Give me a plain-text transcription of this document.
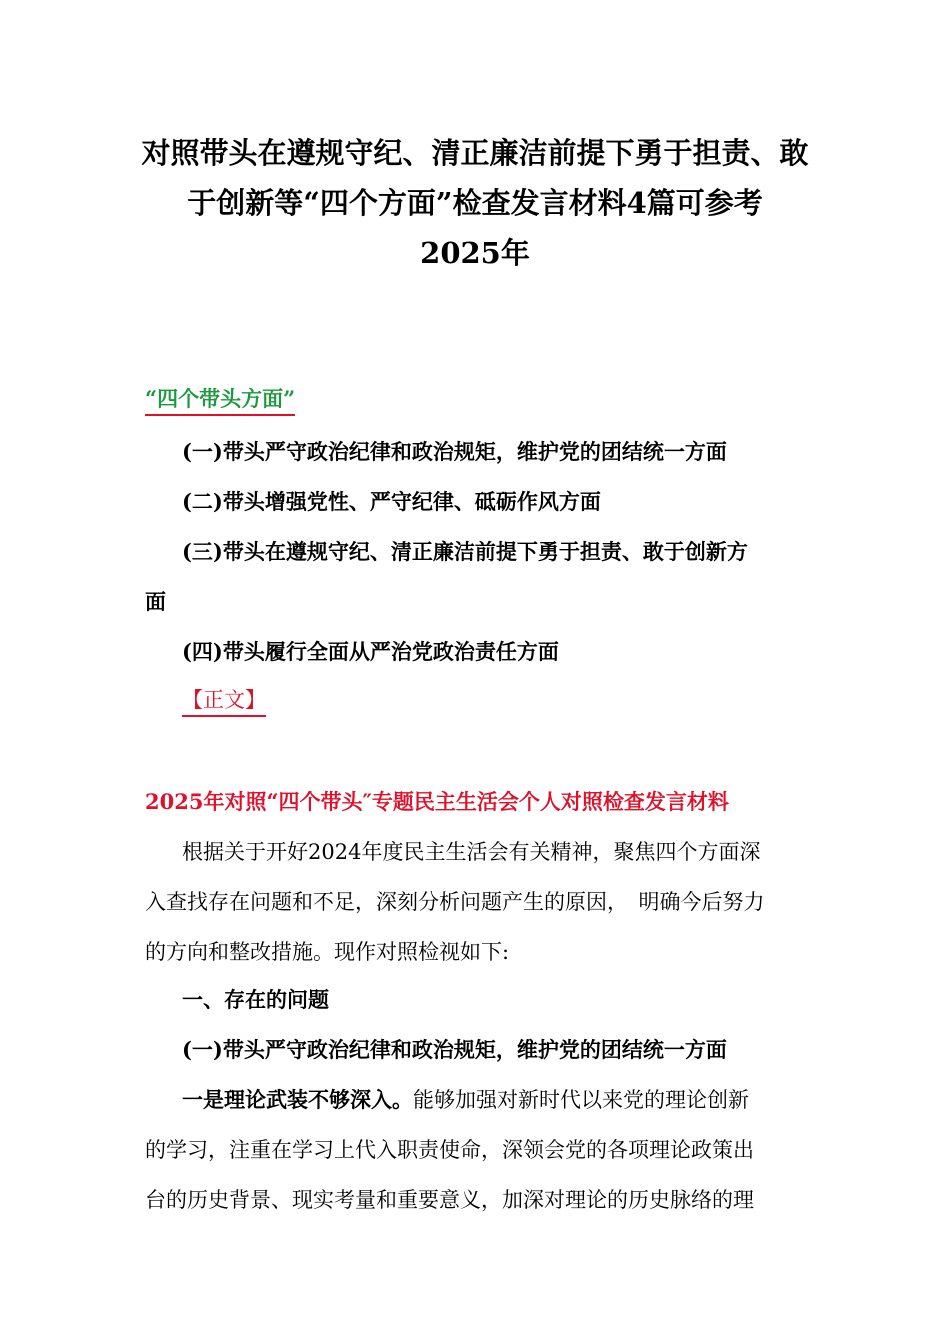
对照带头在遵规守纪、清正廉洁前提下勇于担责、敢
于创新等“四个方面”检查发言材料4篇可参考
2025年
“四个带头方面”
(一)带头严守政治纪律和政治规矩，维护党的团结统一方面
(二)带头增强党性、严守纪律、砥砺作风方面
(三)带头在遵规守纪、清正廉洁前提下勇于担责、敢于创新方
面
(四)带头履行全面从严治党政治责任方面
【正文】
2025年对照“四个带头″专题民主生活会个人对照检查发言材料
根据关于开好2024年度民主生活会有关精神，聚焦四个方面深
入查找存在问题和不足，深刻分析问题产生的原因，　明确今后努力
的方向和整改措施。现作对照检视如下:
一、存在的问题
(一)带头严守政治纪律和政治规矩，维护党的团结统一方面
一是理论武装不够深入。能够加强对新时代以来党的理论创新
的学习，注重在学习上代入职责使命，深领会党的各项理论政策出
台的历史背景、现实考量和重要意义，加深对理论的历史脉络的理
